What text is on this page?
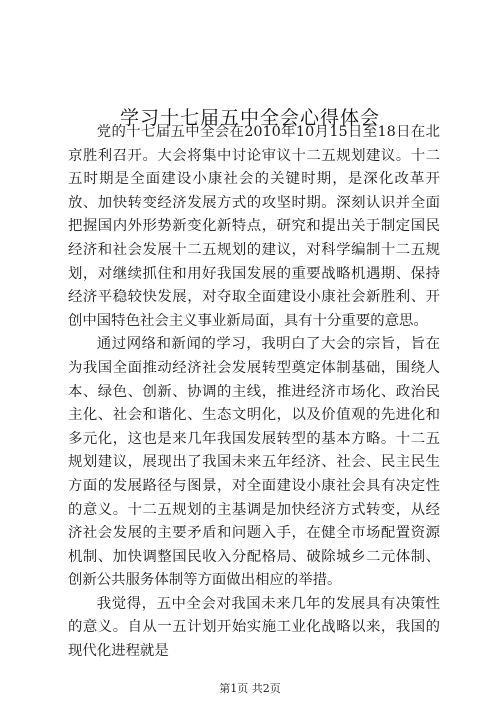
学习十七届五中全会心得体会

党的十七届五中全会在2010年10月15日至18日在北京胜利召开。大会将集中讨论审议十二五规划建议。十二五时期是全面建设小康社会的关键时期，是深化改革开放、加快转变经济发展方式的攻坚时期。深刻认识并全面把握国内外形势新变化新特点，研究和提出关于制定国民经济和社会发展十二五规划的建议，对科学编制十二五规划，对继续抓住和用好我国发展的重要战略机遇期、保持经济平稳较快发展，对夺取全面建设小康社会新胜利、开创中国特色社会主义事业新局面，具有十分重要的意思。

通过网络和新闻的学习，我明白了大会的宗旨，旨在为我国全面推动经济社会发展转型奠定体制基础，围绕人本、绿色、创新、协调的主线，推进经济市场化、政治民主化、社会和谐化、生态文明化，以及价值观的先进化和多元化，这也是来几年我国发展转型的基本方略。十二五规划建议，展现出了我国未来五年经济、社会、民主民生方面的发展路径与图景，对全面建设小康社会具有决定性的意义。十二五规划的主基调是加快经济方式转变，从经济社会发展的主要矛盾和问题入手，在健全市场配置资源机制、加快调整国民收入分配格局、破除城乡二元体制、创新公共服务体制等方面做出相应的举措。

我觉得，五中全会对我国未来几年的发展具有决策性的意义。自从一五计划开始实施工业化战略以来，我国的现代化进程就是

第1页 共2页
